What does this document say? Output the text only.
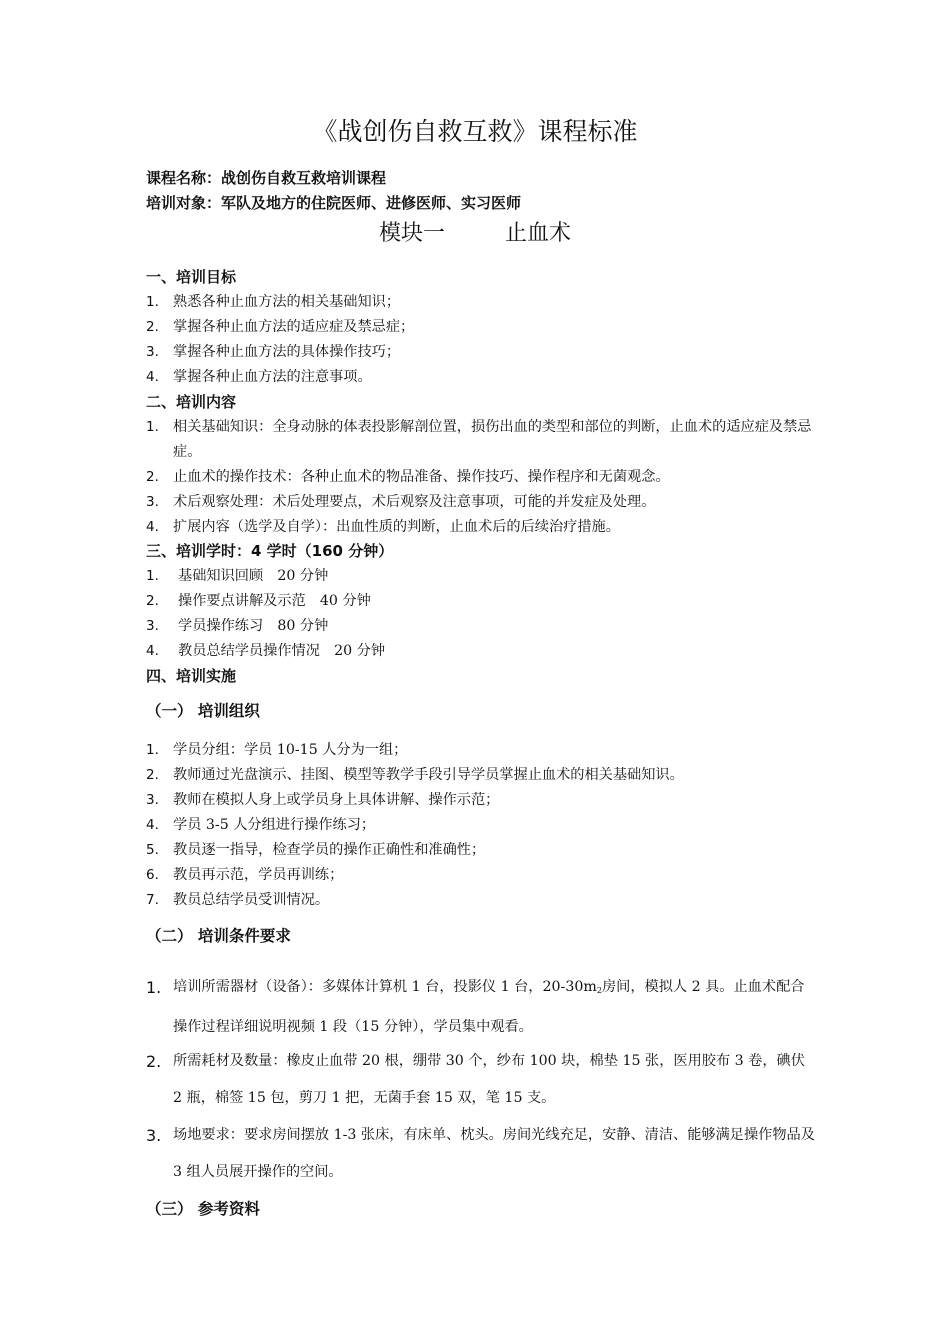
《战创伤自救互救》课程标准
课程名称：战创伤自救互救培训课程
培训对象：军队及地方的住院医师、进修医师、实习医师
模块一	止血术
一、培训目标
1. 熟悉各种止血方法的相关基础知识；
2. 掌握各种止血方法的适应症及禁忌症；
3. 掌握各种止血方法的具体操作技巧；
4. 掌握各种止血方法的注意事项。
二、培训内容
1. 相关基础知识：全身动脉的体表投影解剖位置，损伤出血的类型和部位的判断，止血术的适应症及禁忌症。
2. 止血术的操作技术：各种止血术的物品准备、操作技巧、操作程序和无菌观念。
3. 术后观察处理：术后处理要点，术后观察及注意事项，可能的并发症及处理。
4. 扩展内容（选学及自学）：出血性质的判断，止血术后的后续治疗措施。
三、培训学时：4 学时（160 分钟）
1. 基础知识回顾　20 分钟
2. 操作要点讲解及示范　40 分钟
3. 学员操作练习　80 分钟
4. 教员总结学员操作情况　20 分钟
四、培训实施
（一） 培训组织
1. 学员分组：学员 10-15 人分为一组；
2. 教师通过光盘演示、挂图、模型等教学手段引导学员掌握止血术的相关基础知识。
3. 教师在模拟人身上或学员身上具体讲解、操作示范；
4. 学员 3-5 人分组进行操作练习；
5. 教员逐一指导，检查学员的操作正确性和准确性；
6. 教员再示范，学员再训练；
7. 教员总结学员受训情况。
（二） 培训条件要求
1. 培训所需器材（设备）：多媒体计算机 1 台，投影仪 1 台，$20-30m_2$房间，模拟人 2 具。止血术配合操作过程详细说明视频 1 段（15 分钟），学员集中观看。
2. 所需耗材及数量：橡皮止血带 20 根，绷带 30 个，纱布 100 块，棉垫 15 张，医用胶布 3 卷，碘伏 2 瓶，棉签 15 包，剪刀 1 把，无菌手套 15 双，笔 15 支。
3. 场地要求：要求房间摆放 1-3 张床，有床单、枕头。房间光线充足，安静、清洁、能够满足操作物品及 3 组人员展开操作的空间。
（三） 参考资料
